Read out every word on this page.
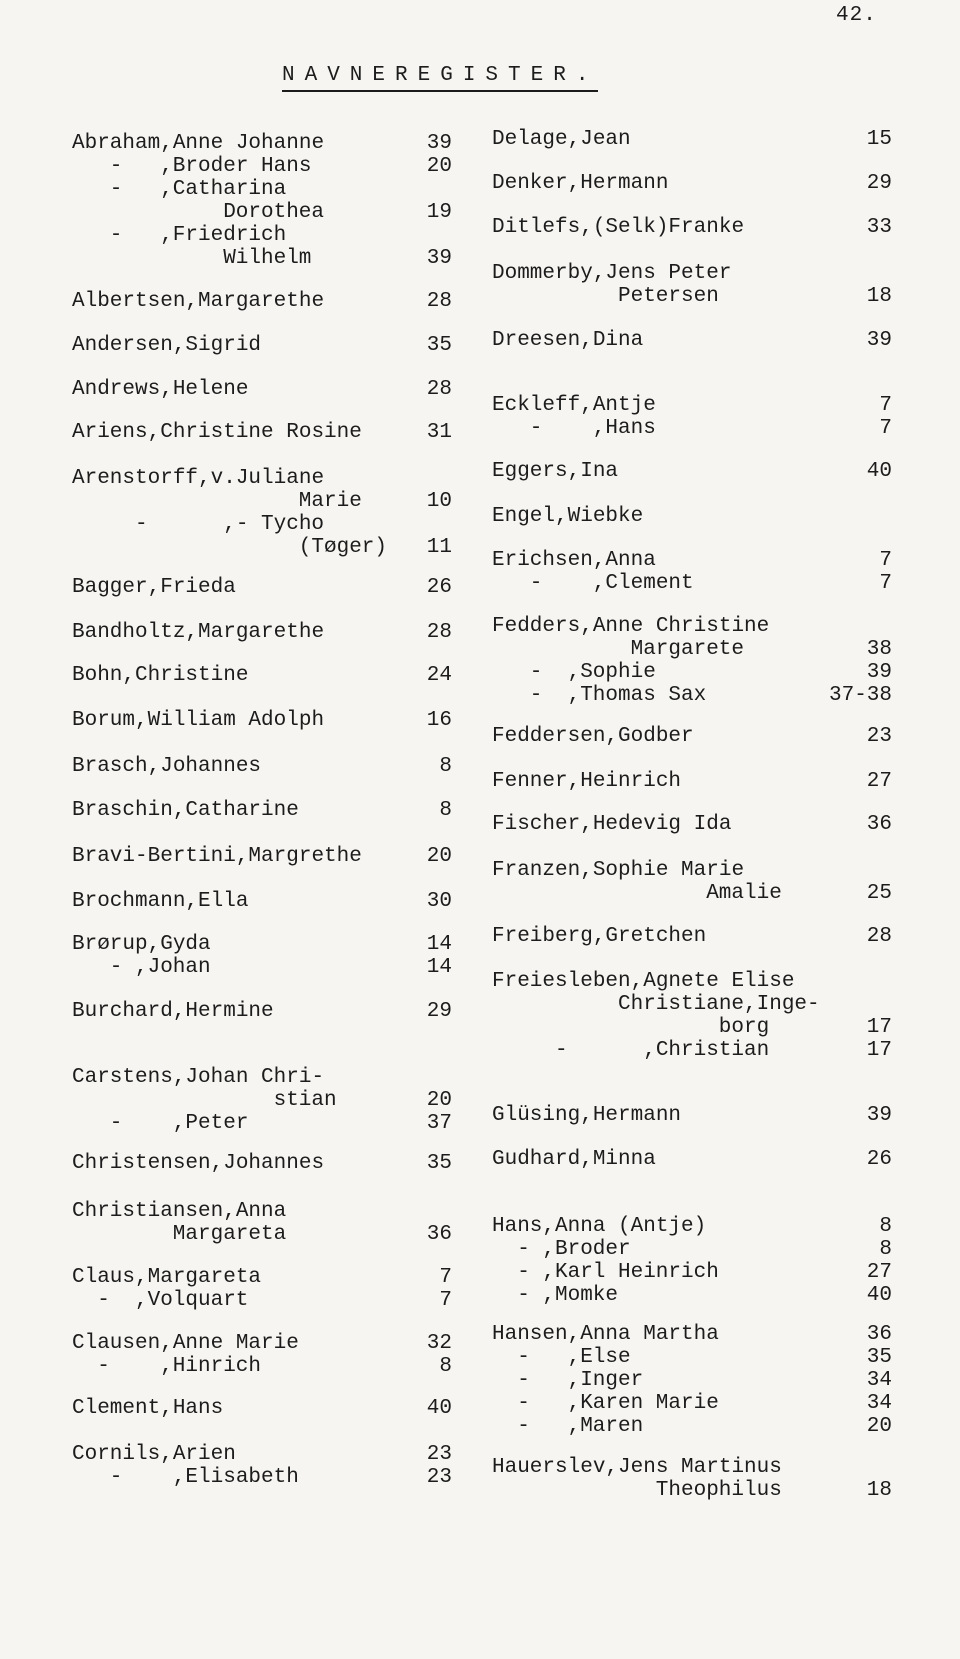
42.
NAVNEREGISTER.
Abraham,Anne Johanne	39
-   ,Broder Hans	20
-   ,Catharina
Dorothea	19
-   ,Friedrich
Wilhelm	39
Albertsen,Margarethe	28
Andersen,Sigrid	35
Andrews,Helene	28
Ariens,Christine Rosine	31
Arenstorff,v.Juliane
Marie	10
-      ,- Tycho
(Tøger) 11
Bagger,Frieda	26
Bandholtz,Margarethe	28
Bohn,Christine	24
Borum,William Adolph	16
Brasch,Johannes	8
Braschin,Catharine	8
Bravi-Bertini,Margrethe	20
Brochmann,Ella	30
Brørup,Gyda	14
- ,Johan	14
Burchard,Hermine	29
Carstens,Johan Chri-
stian	20
-    ,Peter	37
Christensen,Johannes	35
Christiansen,Anna
Margareta	36
Claus,Margareta	7
-  ,Volquart	7
Clausen,Anne Marie	32
-    ,Hinrich	8
Clement,Hans	40
Cornils,Arien	23
-    ,Elisabeth	23
Delage,Jean	15
Denker,Hermann	29
Ditlefs,(Selk)Franke	33
Dommerby,Jens Peter
Petersen	18
Dreesen,Dina	39
Eckleff,Antje	7
-    ,Hans	7
Eggers,Ina	40
Engel,Wiebke
Erichsen,Anna	7
-    ,Clement	7
Fedders,Anne Christine
Margarete	38
-  ,Sophie	39
-  ,Thomas Sax	37-38
Feddersen,Godber	23
Fenner,Heinrich	27
Fischer,Hedevig Ida	36
Franzen,Sophie Marie
Amalie	25
Freiberg,Gretchen	28
Freiesleben,Agnete Elise
Christiane,Inge-
borg	17
-      ,Christian	17
Glüsing,Hermann	39
Gudhard,Minna	26
Hans,Anna (Antje)	8
- ,Broder	8
- ,Karl Heinrich	27
- ,Momke	40
Hansen,Anna Martha	36
-   ,Else	35
-   ,Inger	34
-   ,Karen Marie	34
-   ,Maren	20
Hauerslev,Jens Martinus
Theophilus	18
